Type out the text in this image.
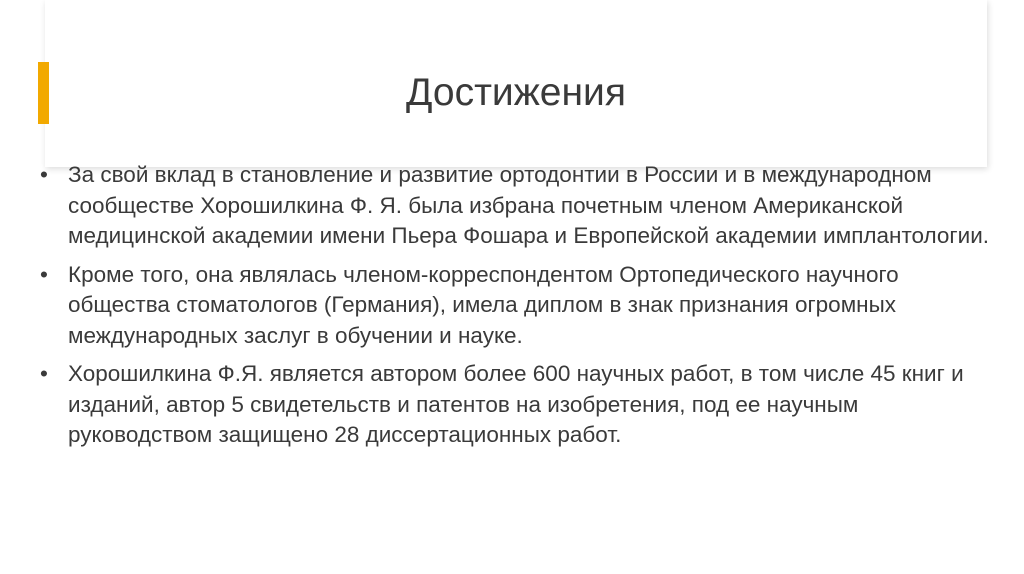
Достижения
• За свой вклад в становление и развитие ортодонтии в России и в международном сообществе Хорошилкина Ф. Я. была избрана почетным членом Американской медицинской академии имени Пьера Фошара и Европейской академии имплантологии.
• Кроме того, она являлась членом-корреспондентом Ортопедического научного общества стоматологов (Германия), имела диплом в знак признания огромных международных заслуг в обучении и науке.
• Хорошилкина Ф.Я. является автором более 600 научных работ, в том числе 45 книг и изданий, автор 5 свидетельств и патентов на изобретения, под ее научным руководством защищено 28 диссертационных работ.
